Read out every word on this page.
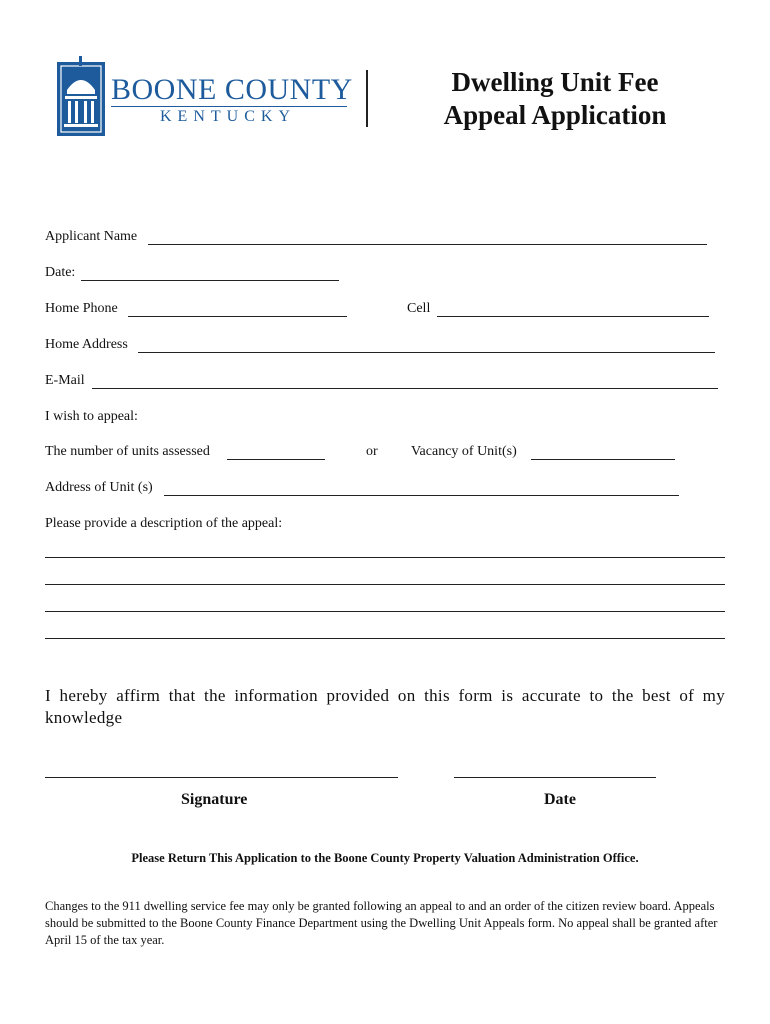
BOONE COUNTY
KENTUCKY
Dwelling Unit Fee
Appeal Application
Applicant Name
Date:
Home Phone	Cell
Home Address
E-Mail
I wish to appeal:
The number of units assessed	or Vacancy of Unit(s)
Address of Unit (s)
Please provide a description of the appeal:
I hereby affirm that the information provided on this form is accurate to the best of my knowledge
Signature	Date
Please Return This Application to the Boone County Property Valuation Administration Office.
Changes to the 911 dwelling service fee may only be granted following an appeal to and an order of the citizen review board. Appeals should be submitted to the Boone County Finance Department using the Dwelling Unit Appeals form. No appeal shall be granted after April 15 of the tax year.
